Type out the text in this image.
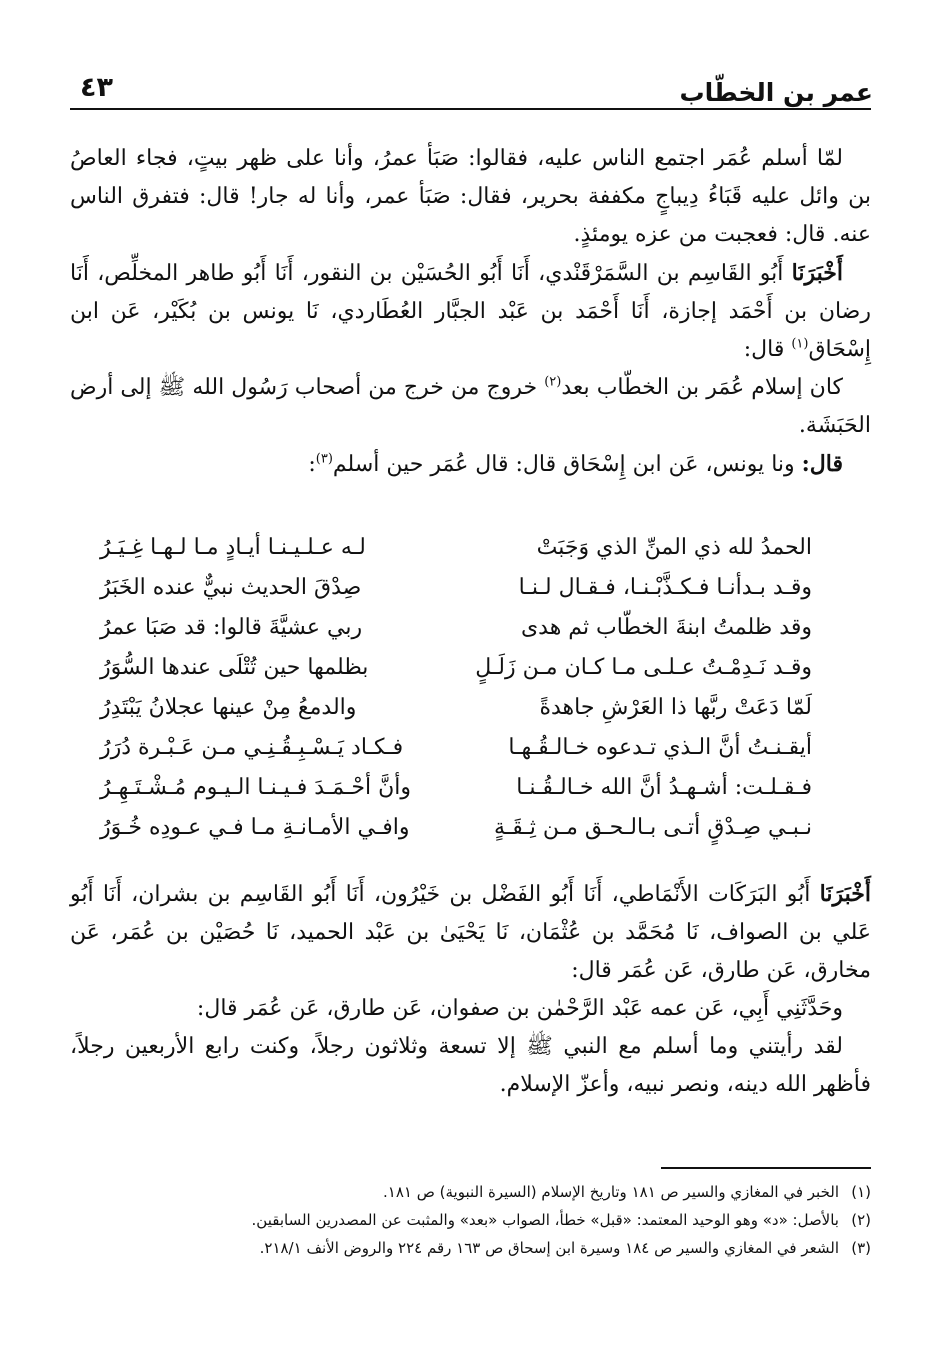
عمر بن الخطّاب
٤٣

لمّا أسلم عُمَر اجتمع الناس عليه، فقالوا: صَبَأ عمرُ، وأنا على ظهر بيتٍ، فجاء العاصُ بن وائل عليه قَبَاءُ دِيباجٍ مكففة بحرير، فقال: صَبَأ عمر، وأنا له جار! قال: فتفرق الناس عنه. قال: فعجبت من عزه يومئذٍ.

أَخْبَرَنَا أَبُو القَاسِم بن السَّمَرْقَنْدي، أَنَا أَبُو الحُسَيْن بن النقور، أَنَا أَبُو طاهر المخلِّص، أَنَا رضان بن أَحْمَد إجازة، أَنَا أَحْمَد بن عَبْد الجبَّار العُطَاردي، نَا يونس بن بُكَيْر، عَن ابن إِسْحَاق$^{(١)}$ قال:

كان إسلام عُمَر بن الخطّاب بعد$^{(٢)}$ خروج من خرج من أصحاب رَسُول الله ﷺ إلى أرض الحَبَشَة.

قال: ونا يونس، عَن ابن إِسْحَاق قال: قال عُمَر حين أسلم$^{(٣)}$:

الحمدُ لله ذي المنِّ الذي وَجَبَتْ
لـه عـلـيـنـا أيـادٍ مـا لـهـا غِـيَـرُ
وقـد بـدأنـا فـكـذَّبْـنـا، فـقـال لـنـا
صِدْقَ الحديث نبيٌّ عنده الخَبَرُ
وقد ظلمتُ ابنةَ الخطّاب ثم هدى
ربي عشيَّةَ قالوا: قد صَبَا عمرُ
وقـد نَـدِمْـتُ عـلـى مـا كـان مـن زَلَـلٍ
بظلمها حين تُتْلَى عندها السُّوَرُ
لَمّا دَعَتْ ربَّها ذا العَرْشِ جاهدةً
والدمعُ مِنْ عينها عجلانُ يَبْتَدِرُ
أيقـنـتُ أنَّ الـذي تـدعوه خـالـقُـهـا
فـكـاد يَـسْـبِـقُـنِـي مـن عَـبْـرة دُرَرُ
فـقـلـت: أشـهـدُ أنَّ الله خـالـقُـنـا
وأنَّ أحْـمَـدَ فـيـنـا الـيـوم مُـشْـتَـهِـرُ
نـبـي صِـدْقٍ أتـى بـالـحـق مـن ثِـقَـةٍ
وافـي الأمـانـةِ مـا فـي عـودِه خُـوَرُ

أَخْبَرَنَا أَبُو البَرَكَات الأَنْمَاطي، أَنَا أَبُو الفَضْل بن خَيْرُون، أَنَا أَبُو القَاسِم بن بشران، أَنَا أَبُو عَلي بن الصواف، نَا مُحَمَّد بن عُثْمَان، نَا يَحْيَىٰ بن عَبْد الحميد، نَا حُصَيْن بن عُمَر، عَن مخارق، عَن طارق، عَن عُمَر قال:

وحَدَّثَنِي أَبِي، عَن عمه عَبْد الرَّحْمٰن بن صفوان، عَن طارق، عَن عُمَر قال:

لقد رأيتني وما أسلم مع النبي ﷺ إلا تسعة وثلاثون رجلاً، وكنت رابع الأربعين رجلاً، فأظهر الله دينه، ونصر نبيه، وأعزّ الإسلام.

(١)الخبر في المغازي والسير ص ١٨١ وتاريخ الإسلام (السيرة النبوية) ص ١٨١.
(٢)بالأصل: «د» وهو الوحيد المعتمد: «قبل» خطأ، الصواب «بعد» والمثبت عن المصدرين السابقين.
(٣)الشعر في المغازي والسير ص ١٨٤ وسيرة ابن إسحاق ص ١٦٣ رقم ٢٢٤ والروض الأنف ٢١٨/١.
